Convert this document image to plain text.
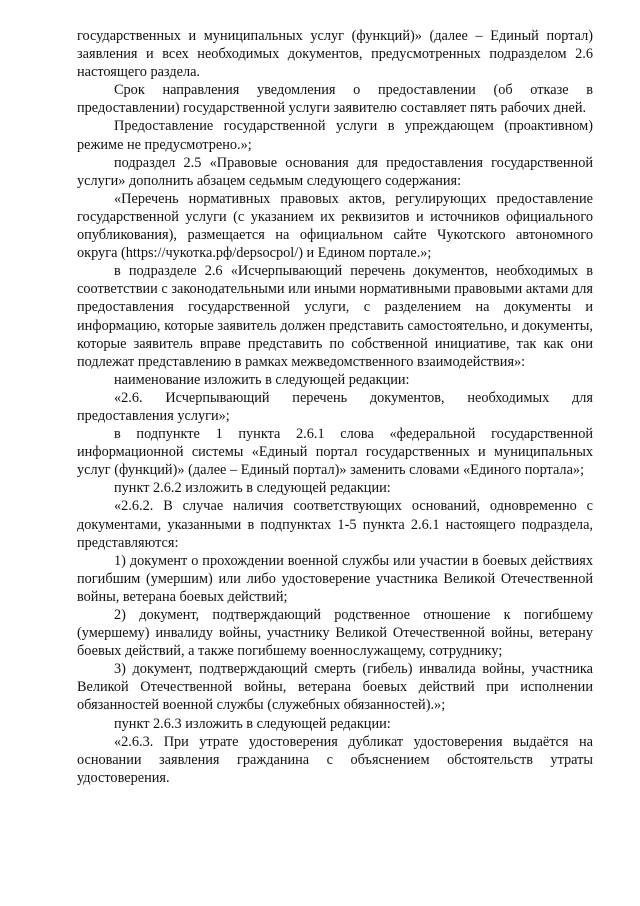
государственных и муниципальных услуг (функций)» (далее – Единый портал) заявления и всех необходимых документов, предусмотренных подразделом 2.6 настоящего раздела.

Срок направления уведомления о предоставлении (об отказе в предоставлении) государственной услуги заявителю составляет пять рабочих дней.

Предоставление государственной услуги в упреждающем (проактивном) режиме не предусмотрено.»;

подраздел 2.5 «Правовые основания для предоставления государственной услуги» дополнить абзацем седьмым следующего содержания:

«Перечень нормативных правовых актов, регулирующих предоставление государственной услуги (с указанием их реквизитов и источников официального опубликования), размещается на официальном сайте Чукотского автономного округа (https://чукотка.рф/depsocpol/) и Едином портале.»;

в подразделе 2.6 «Исчерпывающий перечень документов, необходимых в соответствии с законодательными или иными нормативными правовыми актами для предоставления государственной услуги, с разделением на документы и информацию, которые заявитель должен представить самостоятельно, и документы, которые заявитель вправе представить по собственной инициативе, так как они подлежат представлению в рамках межведомственного взаимодействия»:

наименование изложить в следующей редакции:

«2.6. Исчерпывающий перечень документов, необходимых для предоставления услуги»;

в подпункте 1 пункта 2.6.1 слова «федеральной государственной информационной системы «Единый портал государственных и муниципальных услуг (функций)» (далее – Единый портал)» заменить словами «Единого портала»;

пункт 2.6.2 изложить в следующей редакции:

«2.6.2. В случае наличия соответствующих оснований, одновременно с документами, указанными в подпунктах 1-5 пункта 2.6.1 настоящего подраздела, представляются:

1) документ о прохождении военной службы или участии в боевых действиях погибшим (умершим) или либо удостоверение участника Великой Отечественной войны, ветерана боевых действий;

2) документ, подтверждающий родственное отношение к погибшему (умершему) инвалиду войны, участнику Великой Отечественной войны, ветерану боевых действий, а также погибшему военнослужащему, сотруднику;

3) документ, подтверждающий смерть (гибель) инвалида войны, участника Великой Отечественной войны, ветерана боевых действий при исполнении обязанностей военной службы (служебных обязанностей).»;

пункт 2.6.3 изложить в следующей редакции:

«2.6.3. При утрате удостоверения дубликат удостоверения выдаётся на основании заявления гражданина с объяснением обстоятельств утраты удостоверения.
